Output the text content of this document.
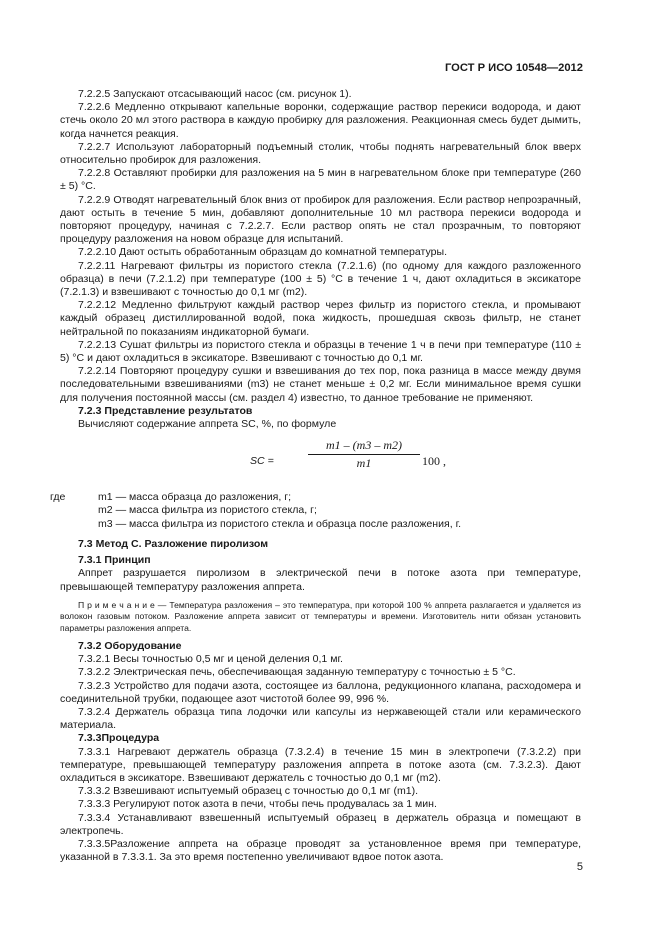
ГОСТ Р ИСО 10548—2012

7.2.2.5 Запускают отсасывающий насос (см. рисунок 1).

7.2.2.6 Медленно открывают капельные воронки, содержащие раствор перекиси водорода, и дают стечь около 20 мл этого раствора в каждую пробирку для разложения. Реакционная смесь будет дымить, когда начнется реакция.

7.2.2.7 Используют лабораторный подъемный столик, чтобы поднять нагревательный блок вверх относительно пробирок для разложения.

7.2.2.8 Оставляют пробирки для разложения на 5 мин в нагревательном блоке при температуре (260 ± 5) °С.

7.2.2.9 Отводят нагревательный блок вниз от пробирок для разложения. Если раствор непрозрачный, дают остыть в течение 5 мин, добавляют дополнительные 10 мл раствора перекиси водорода и повторяют процедуру, начиная с 7.2.2.7. Если раствор опять не стал прозрачным, то повторяют процедуру разложения на новом образце для испытаний.

7.2.2.10 Дают остыть обработанным образцам до комнатной температуры.

7.2.2.11 Нагревают фильтры из пористого стекла (7.2.1.6) (по одному для каждого разложенного образца) в печи (7.2.1.2) при температуре (100 ± 5) °С в течение 1 ч, дают охладиться в эксикаторе (7.2.1.3) и взвешивают с точностью до 0,1 мг (m2).

7.2.2.12 Медленно фильтруют каждый раствор через фильтр из пористого стекла, и промывают каждый образец дистиллированной водой, пока жидкость, прошедшая сквозь фильтр, не станет нейтральной по показаниям индикаторной бумаги.

7.2.2.13 Сушат фильтры из пористого стекла и образцы в течение 1 ч в печи при температуре (110 ± 5) °С и дают охладиться в эксикаторе. Взвешивают с точностью до 0,1 мг.

7.2.2.14 Повторяют процедуру сушки и взвешивания до тех пор, пока разница в массе между двумя последовательными взвешиваниями (m3) не станет меньше ± 0,2 мг. Если минимальное время сушки для получения постоянной массы (см. раздел 4) известно, то данное требование не применяют.

7.2.3 Представление результатов

Вычисляют содержание аппрета SC, %, по формуле

SC =
m1 – (m3 – m2)
m1	100 ,
где	m1 — масса образца до разложения, г;
m2 — масса фильтра из пористого стекла, г;
m3 — масса фильтра из пористого стекла и образца после разложения, г.

7.3 Метод С. Разложение пиролизом

7.3.1 Принцип

Аппрет разрушается пиролизом в электрической печи в потоке азота при температуре, превышающей температуру разложения аппрета.

П р и м е ч а н и е — Температура разложения – это температура, при которой 100 % аппрета разлагается и удаляется из волокон газовым потоком. Разложение аппрета зависит от температуры и времени. Изготовитель нити обязан установить параметры разложения аппрета.

7.3.2 Оборудование

7.3.2.1 Весы точностью 0,5 мг и ценой деления 0,1 мг.

7.3.2.2 Электрическая печь, обеспечивающая заданную температуру с точностью ± 5 °С.

7.3.2.3 Устройство для подачи азота, состоящее из баллона, редукционного клапана, расходомера и соединительной трубки, подающее азот чистотой более 99, 996 %.

7.3.2.4 Держатель образца типа лодочки или капсулы из нержавеющей стали или керамического материала.

7.3.3Процедура

7.3.3.1 Нагревают держатель образца (7.3.2.4) в течение 15 мин в электропечи (7.3.2.2) при температуре, превышающей температуру разложения аппрета в потоке азота (см. 7.3.2.3). Дают охладиться в эксикаторе. Взвешивают держатель с точностью до 0,1 мг (m2).

7.3.3.2 Взвешивают испытуемый образец с точностью до 0,1 мг (m1).

7.3.3.3 Регулируют поток азота в печи, чтобы печь продувалась за 1 мин.

7.3.3.4 Устанавливают взвешенный испытуемый образец в держатель образца и помещают в электропечь.

7.3.3.5Разложение аппрета на образце проводят за установленное время при температуре, указанной в 7.3.3.1. За это время постепенно увеличивают вдвое поток азота.

5
